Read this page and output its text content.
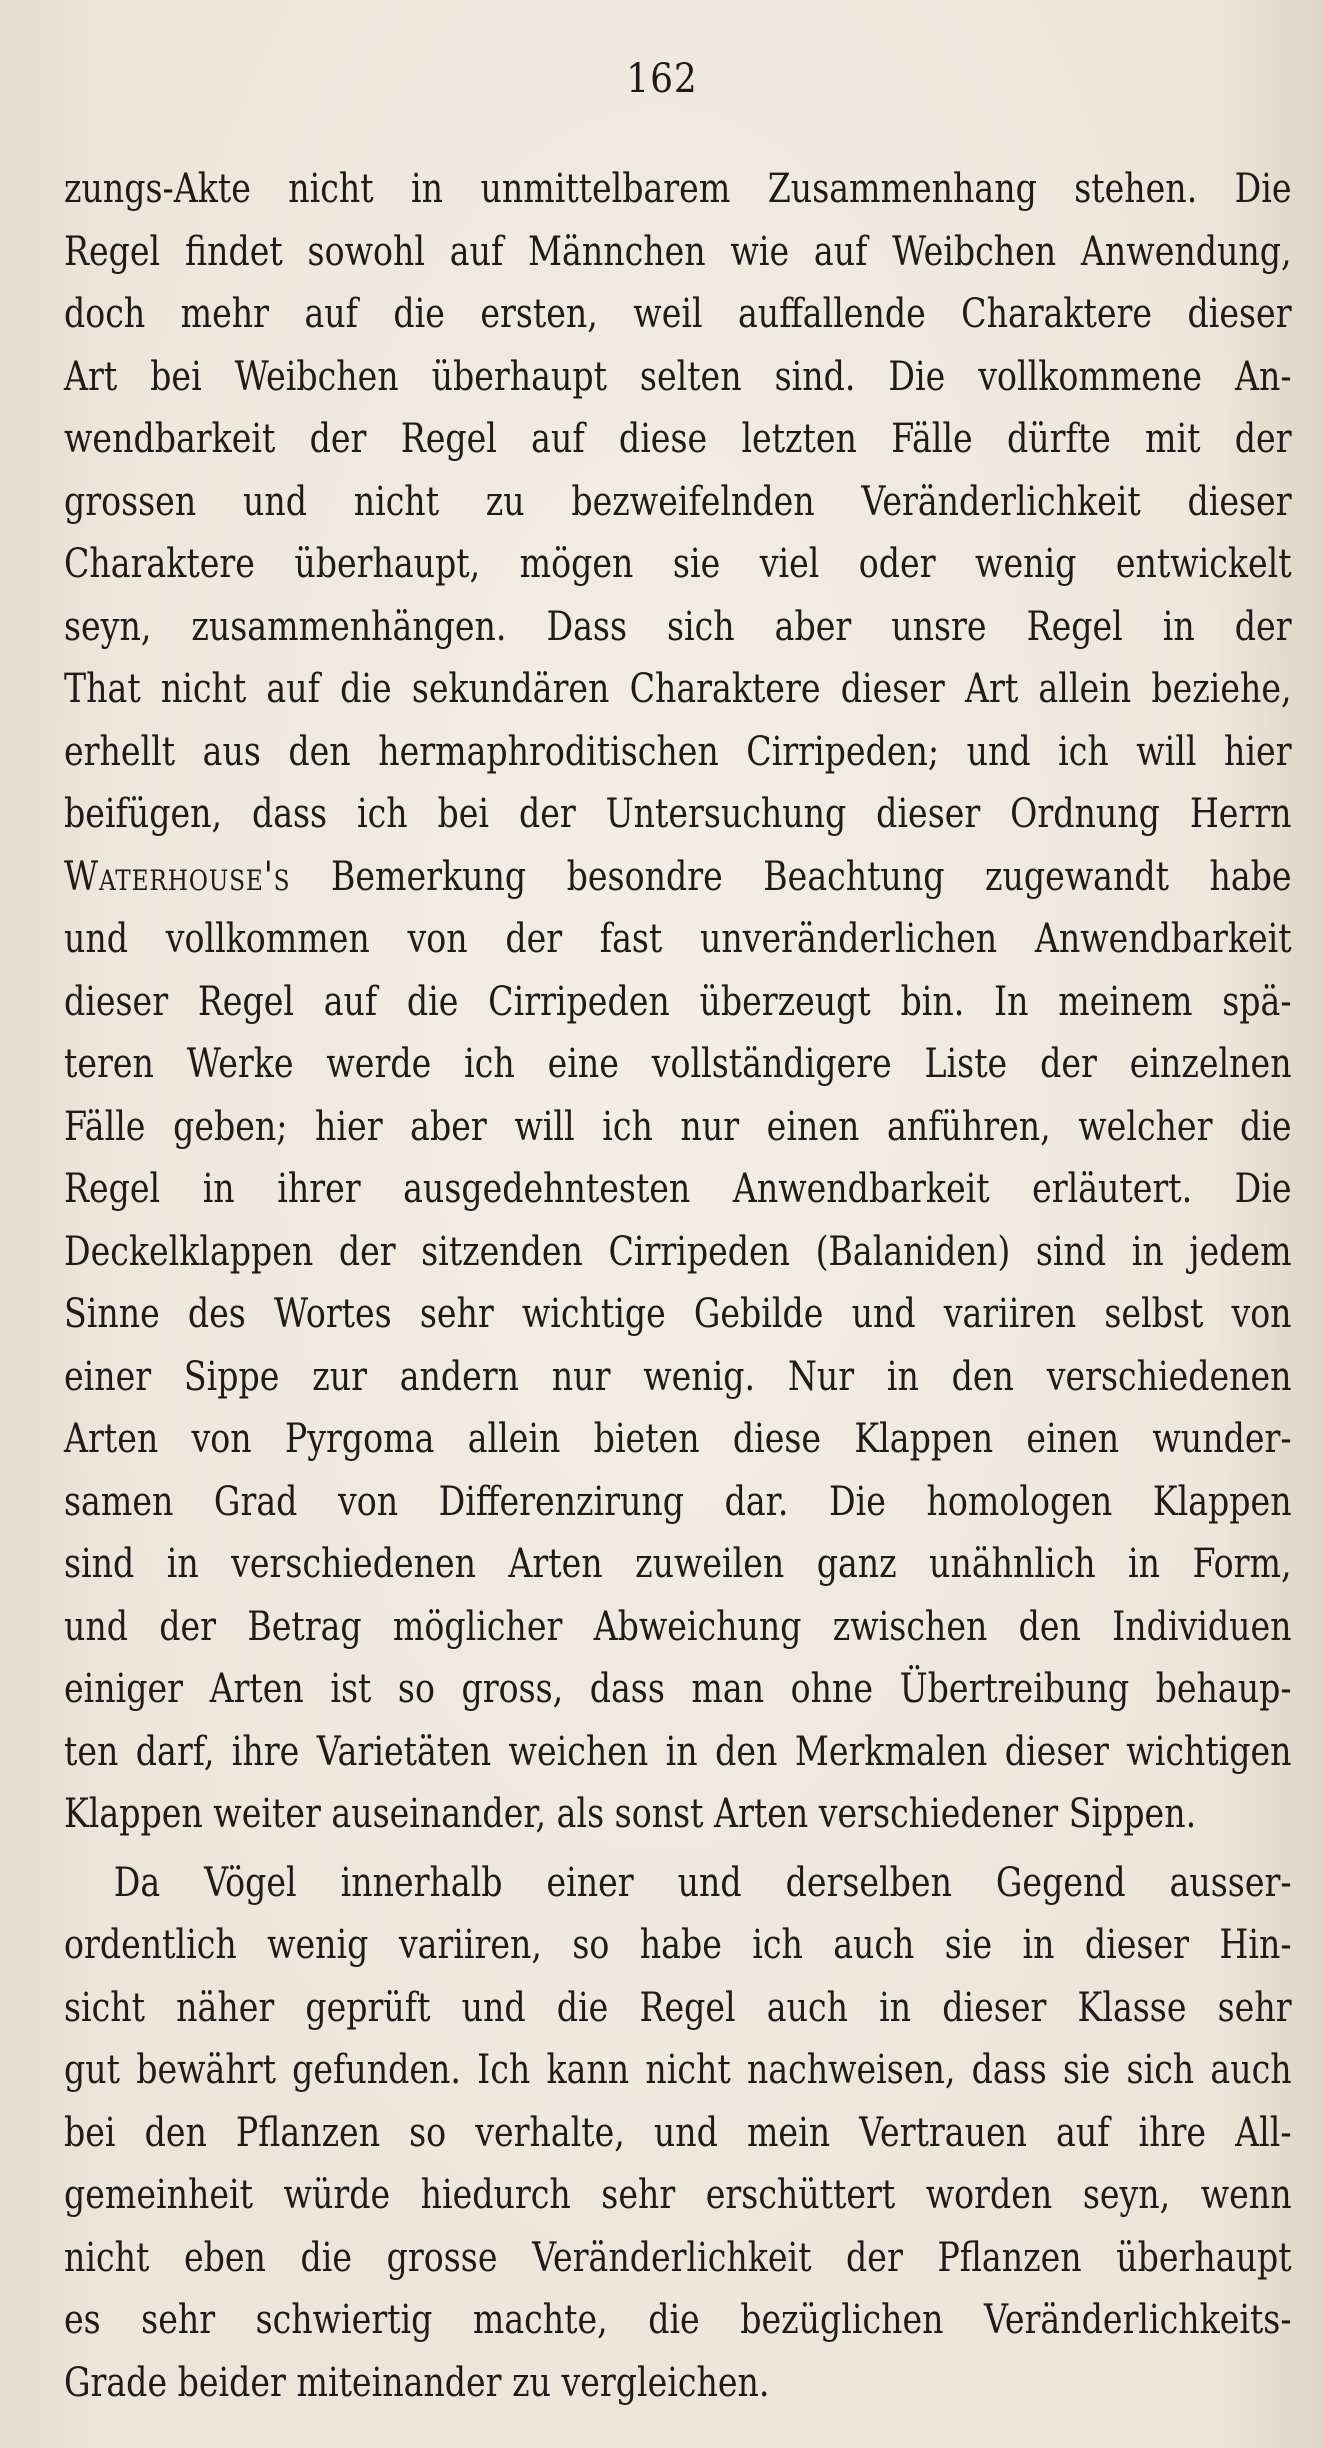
162
zungs-Akte nicht in unmittelbarem Zusammenhang stehen. Die
Regel findet sowohl auf Männchen wie auf Weibchen Anwendung,
doch mehr auf die ersten, weil auffallende Charaktere dieser
Art bei Weibchen überhaupt selten sind. Die vollkommene An-
wendbarkeit der Regel auf diese letzten Fälle dürfte mit der
grossen und nicht zu bezweifelnden Veränderlichkeit dieser
Charaktere überhaupt, mögen sie viel oder wenig entwickelt
seyn, zusammenhängen. Dass sich aber unsre Regel in der
That nicht auf die sekundären Charaktere dieser Art allein beziehe,
erhellt aus den hermaphroditischen Cirripeden; und ich will hier
beifügen, dass ich bei der Untersuchung dieser Ordnung Herrn
Waterhouse's Bemerkung besondre Beachtung zugewandt habe
und vollkommen von der fast unveränderlichen Anwendbarkeit
dieser Regel auf die Cirripeden überzeugt bin. In meinem spä-
teren Werke werde ich eine vollständigere Liste der einzelnen
Fälle geben; hier aber will ich nur einen anführen, welcher die
Regel in ihrer ausgedehntesten Anwendbarkeit erläutert. Die
Deckelklappen der sitzenden Cirripeden (Balaniden) sind in jedem
Sinne des Wortes sehr wichtige Gebilde und variiren selbst von
einer Sippe zur andern nur wenig. Nur in den verschiedenen
Arten von Pyrgoma allein bieten diese Klappen einen wunder-
samen Grad von Differenzirung dar. Die homologen Klappen
sind in verschiedenen Arten zuweilen ganz unähnlich in Form,
und der Betrag möglicher Abweichung zwischen den Individuen
einiger Arten ist so gross, dass man ohne Übertreibung behaup-
ten darf, ihre Varietäten weichen in den Merkmalen dieser wichtigen
Klappen weiter auseinander, als sonst Arten verschiedener Sippen.
Da Vögel innerhalb einer und derselben Gegend ausser-
ordentlich wenig variiren, so habe ich auch sie in dieser Hin-
sicht näher geprüft und die Regel auch in dieser Klasse sehr
gut bewährt gefunden. Ich kann nicht nachweisen, dass sie sich auch
bei den Pflanzen so verhalte, und mein Vertrauen auf ihre All-
gemeinheit würde hiedurch sehr erschüttert worden seyn, wenn
nicht eben die grosse Veränderlichkeit der Pflanzen überhaupt
es sehr schwiertig machte, die bezüglichen Veränderlichkeits-
Grade beider miteinander zu vergleichen.
